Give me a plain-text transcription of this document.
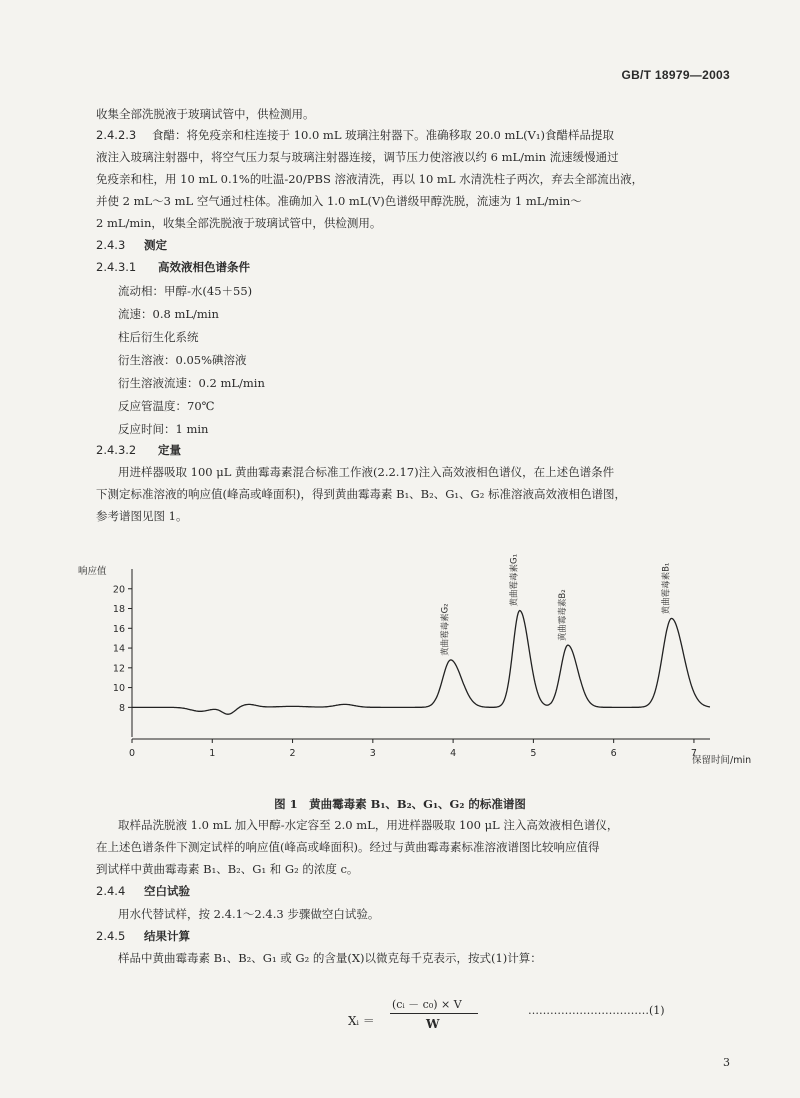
GB/T 18979—2003
收集全部洗脱液于玻璃试管中，供检测用。
2.4.2.3 食醋：将免疫亲和柱连接于 10.0 mL 玻璃注射器下。准确移取 20.0 mL(V₁)食醋样品提取
液注入玻璃注射器中，将空气压力泵与玻璃注射器连接，调节压力使溶液以约 6 mL/min 流速缓慢通过
免疫亲和柱，用 10 mL 0.1%的吐温-20/PBS 溶液清洗，再以 10 mL 水清洗柱子两次，弃去全部流出液，
并使 2 mL～3 mL 空气通过柱体。准确加入 1.0 mL(V)色谱级甲醇洗脱，流速为 1 mL/min～
2 mL/min，收集全部洗脱液于玻璃试管中，供检测用。
2.4.3 测定
2.4.3.1 高效液相色谱条件
流动相：甲醇-水(45＋55)
流速：0.8 mL/min
柱后衍生化系统
衍生溶液：0.05%碘溶液
衍生溶液流速：0.2 mL/min
反应管温度：70℃
反应时间：1 min
2.4.3.2 定量
用进样器吸取 100 μL 黄曲霉毒素混合标准工作液(2.2.17)注入高效液相色谱仪，在上述色谱条件
下测定标准溶液的响应值(峰高或峰面积)，得到黄曲霉毒素 B₁、B₂、G₁、G₂ 标准溶液高效液相色谱图，
参考谱图见图 1。
响应值
8
10
12
14
16
18
20
0	1	2	3	4	5	6	7
黄曲霉毒素G₂
黄曲霉毒素G₁
黄曲霉毒素B₂
黄曲霉毒素B₁
保留时间/min
图 1　黄曲霉毒素 B₁、B₂、G₁、G₂ 的标准谱图
取样品洗脱液 1.0 mL 加入甲醇-水定容至 2.0 mL，用进样器吸取 100 μL 注入高效液相色谱仪，
在上述色谱条件下测定试样的响应值(峰高或峰面积)。经过与黄曲霉毒素标准溶液谱图比较响应值得
到试样中黄曲霉毒素 B₁、B₂、G₁ 和 G₂ 的浓度 c。
2.4.4 空白试验
用水代替试样，按 2.4.1～2.4.3 步骤做空白试验。
2.4.5 结果计算
样品中黄曲霉毒素 B₁、B₂、G₁ 或 G₂ 的含量(X)以微克每千克表示，按式(1)计算：
Xᵢ ＝
(cᵢ － c₀) × V
W
……………………………(1)
3
